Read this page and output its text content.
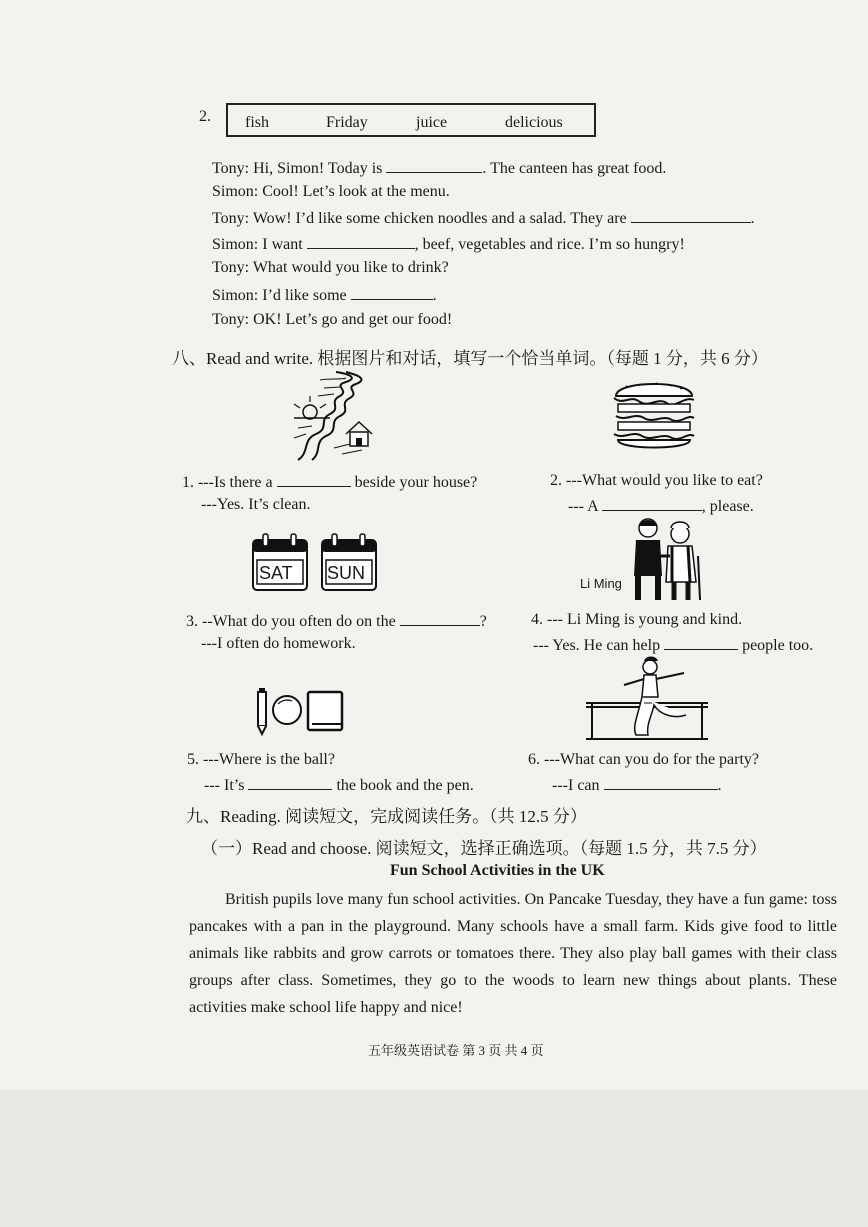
2. fish	Friday	juice	delicious
Tony: Hi, Simon! Today is	. The canteen has great food.
Simon: Cool! Let’s look at the menu.
Tony: Wow! I’d like some chicken noodles and a salad. They are	.
Simon: I want	, beef, vegetables and rice. I’m so hungry!
Tony: What would you like to drink?
Simon: I’d like some	.
Tony: OK! Let’s go and get our food!
八、Read and write. 根据图片和对话，填写一个恰当单词。（每题 1 分，共 6 分）
1. ---Is there a	beside your house?
---Yes. It’s clean.
2. ---What would you like to eat?
--- A	, please.
SAT SUN
Li Ming
3. --What do you often do on the	?
---I often do homework.
4. --- Li Ming is young and kind.
--- Yes. He can help	people too.
5. ---Where is the ball?
--- It’s	the book and the pen.
6. ---What can you do for the party?
---I can	.
九、Reading. 阅读短文，完成阅读任务。（共 12.5 分）
（一）Read and choose. 阅读短文，选择正确选项。（每题 1.5 分，共 7.5 分）
Fun School Activities in the UK
British pupils love many fun school activities. On Pancake Tuesday, they have a fun game: toss pancakes with a pan in the playground. Many schools have a small farm. Kids give food to little animals like rabbits and grow carrots or tomatoes there. They also play ball games with their class groups after class. Sometimes, they go to the woods to learn new things about plants. These activities make school life happy and nice!
五年级英语试卷 第 3 页 共 4 页
